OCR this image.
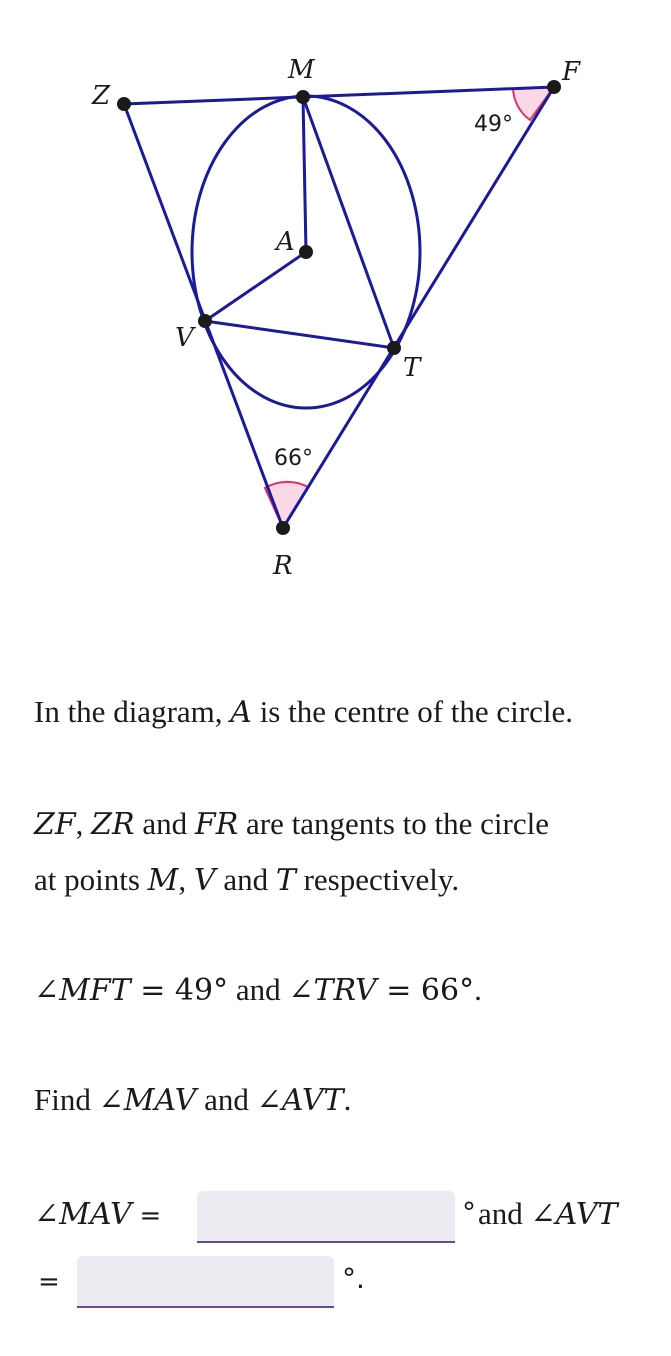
M	F
Z
A
V
T
R
49°
66°
In the diagram, A is the centre of the circle.
ZF, ZR and FR are tangents to the circle
at points M, V and T respectively.
∠MFT = 49° and ∠TRV = 66°.
Find ∠MAV and ∠AVT.
∠MAV =	° and ∠AVT
=	°.
